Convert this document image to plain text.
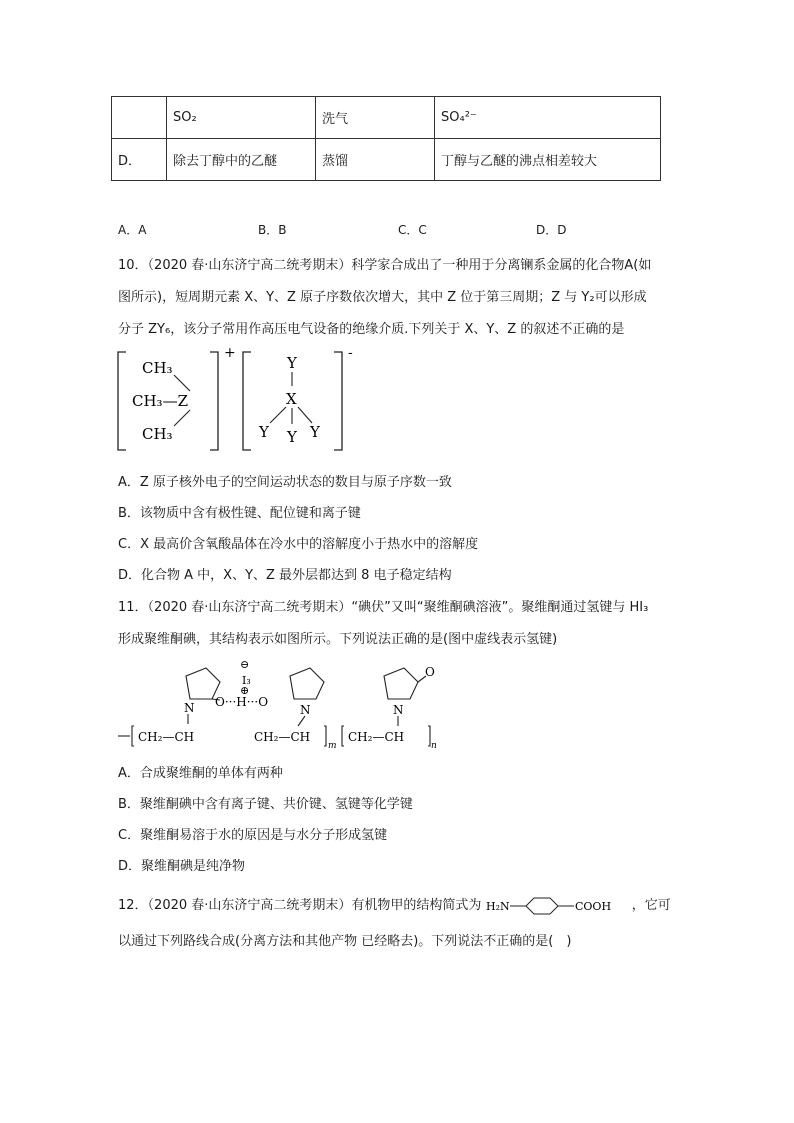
	SO₂	洗气	SO₄²⁻
D．	除去丁醇中的乙醚	蒸馏	丁醇与乙醚的沸点相差较大
A．A	B．B	C．C	D．D
10．（2020 春·山东济宁高二统考期末）科学家合成出了一种用于分离镧系金属的化合物A(如
图所示)，短周期元素 X、Y、Z 原子序数依次增大，其中 Z 位于第三周期；Z 与 Y₂可以形成
分子 ZY₆，该分子常用作高压电气设备的绝缘介质.下列关于 X、Y、Z 的叙述不正确的是
CH₃
CH₃—Z
CH₃
+	-
Y
X
Y Y Y
A．Z 原子核外电子的空间运动状态的数目与原子序数一致
B．该物质中含有极性键、配位键和离子键
C．X 最高价含氧酸晶体在冷水中的溶解度小于热水中的溶解度
D．化合物 A 中，X、Y、Z 最外层都达到 8 电子稳定结构
11．（2020 春·山东济宁高二统考期末）“碘伏”又叫“聚维酮碘溶液”。聚维酮通过氢键与 HI₃
形成聚维酮碘，其结构表示如图所示。下列说法正确的是(图中虚线表示氢键)
N
⊖
I₃
⊕
O···H···O
N
O
N
CH₂—CH	CH₂—CH
m
CH₂—CH
n
A．合成聚维酮的单体有两种
B．聚维酮碘中含有离子键、共价键、氢键等化学键
C．聚维酮易溶于水的原因是与水分子形成氢键
D．聚维酮碘是纯净物
12．（2020 春·山东济宁高二统考期末）有机物甲的结构简式为 H₂N	COOH ，它可
以通过下列路线合成(分离方法和其他产物 已经略去)。下列说法不正确的是(　)
